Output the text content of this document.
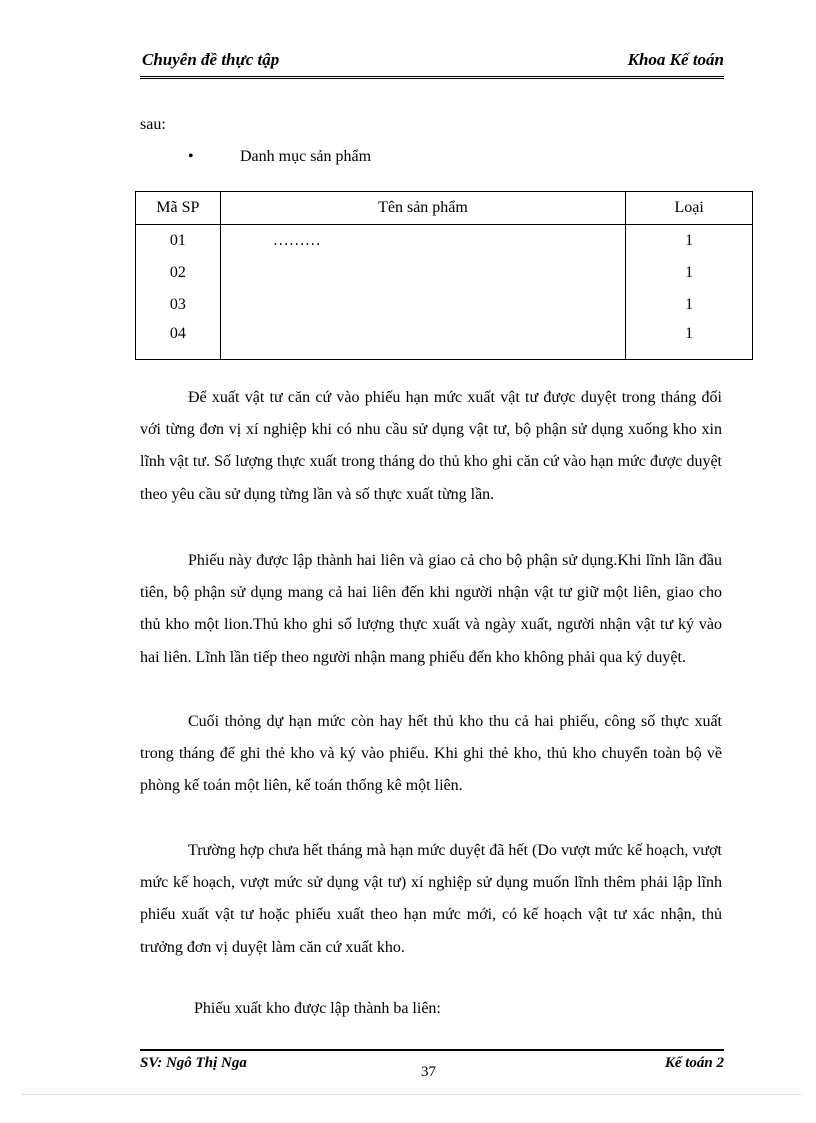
Chuyên đề thực tập	Khoa Kế toán
sau:
•	Danh mục sản phẩm
Mã SP	Tên sản phẩm	Loại
01	………	1
02		1
03		1
04		1

Để xuất vật tư căn cứ vào phiếu hạn mức xuất vật tư được duyệt trong tháng đối với từng đơn vị xí nghiệp khi có nhu cầu sử dụng vật tư, bộ phận sử dụng xuống kho xin lĩnh vật tư. Số lượng thực xuất trong tháng do thủ kho ghi căn cứ vào hạn mức được duyệt theo yêu cầu sử dụng từng lần và số thực xuất từng lần.

Phiếu này được lập thành hai liên và giao cả cho bộ phận sử dụng.Khi lĩnh lần đầu tiên, bộ phận sử dụng mang cả hai liên đến khi người nhận vật tư giữ một liên, giao cho thủ kho một lion.Thủ kho ghi số lượng thực xuất và ngày xuất, người nhận vật tư ký vào hai liên. Lĩnh lần tiếp theo người nhận mang phiếu đến kho không phải qua ký duyệt.

Cuối thỏng dự hạn mức còn hay hết thủ kho thu cả hai phiếu, công số thực xuất trong tháng để ghi thẻ kho và ký vào phiếu. Khi ghi thẻ kho, thủ kho chuyển toàn bộ về phòng kế toán một liên, kế toán thống kê một liên.

Trường hợp chưa hết tháng mà hạn mức duyệt đã hết (Do vượt mức kế hoạch, vượt mức kế hoạch, vượt mức sử dụng vật tư) xí nghiệp sử dụng muốn lĩnh thêm phải lập lĩnh phiếu xuất vật tư hoặc phiếu xuất theo hạn mức mới, có kế hoạch vật tư xác nhận, thủ trưởng đơn vị duyệt làm căn cứ xuất kho.

Phiếu xuất kho được lập thành ba liên:

SV: Ngô Thị Nga
37
Kế toán 2
